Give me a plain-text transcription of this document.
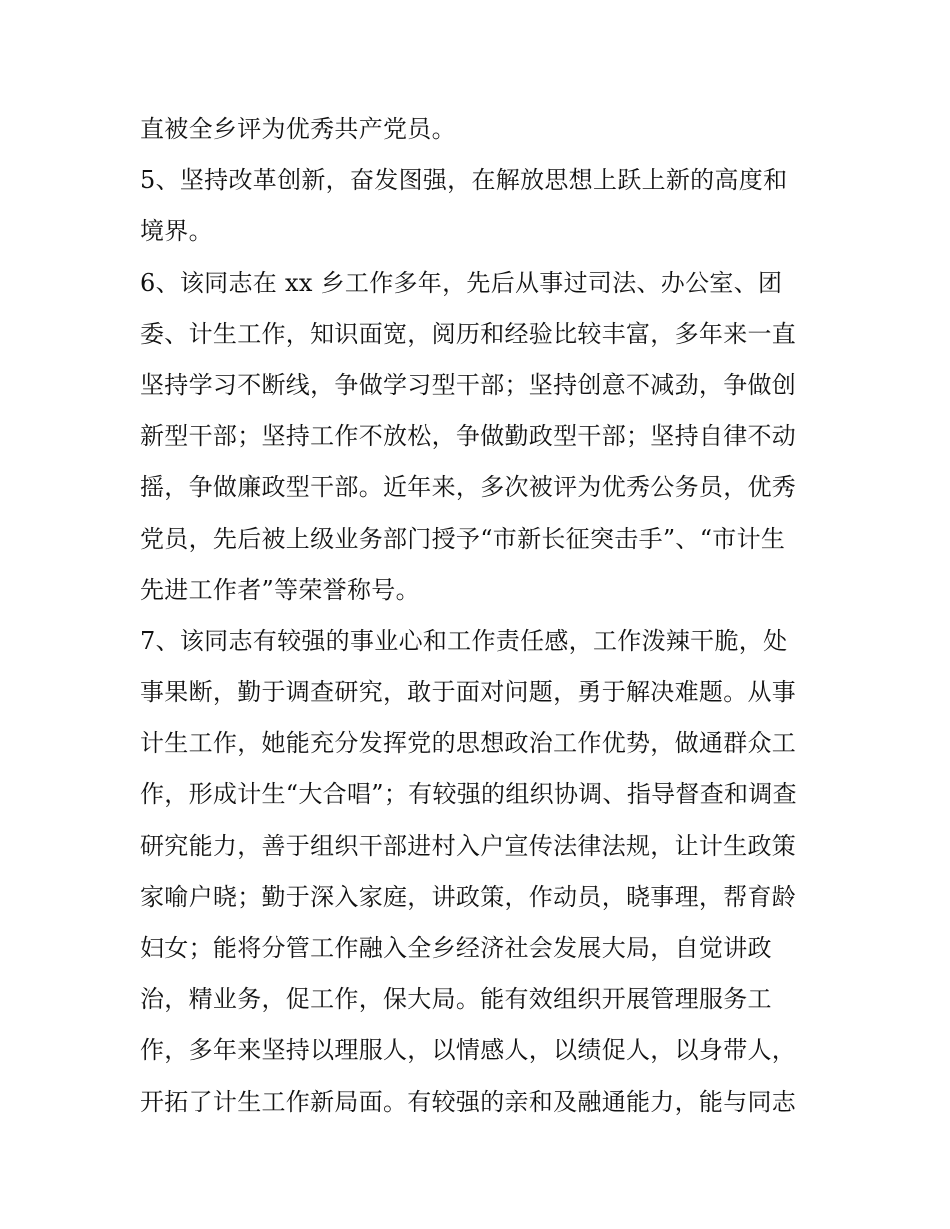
直被全乡评为优秀共产党员。
5、坚持改革创新，奋发图强，在解放思想上跃上新的高度和
境界。
6、该同志在 xx 乡工作多年，先后从事过司法、办公室、团
委、计生工作，知识面宽，阅历和经验比较丰富，多年来一直
坚持学习不断线，争做学习型干部；坚持创意不减劲，争做创
新型干部；坚持工作不放松，争做勤政型干部；坚持自律不动
摇，争做廉政型干部。近年来，多次被评为优秀公务员，优秀
党员，先后被上级业务部门授予“市新长征突击手”、“市计生
先进工作者”等荣誉称号。
7、该同志有较强的事业心和工作责任感，工作泼辣干脆，处
事果断，勤于调查研究，敢于面对问题，勇于解决难题。从事
计生工作，她能充分发挥党的思想政治工作优势，做通群众工
作，形成计生“大合唱”；有较强的组织协调、指导督查和调查
研究能力，善于组织干部进村入户宣传法律法规，让计生政策
家喻户晓；勤于深入家庭，讲政策，作动员，晓事理，帮育龄
妇女；能将分管工作融入全乡经济社会发展大局，自觉讲政
治，精业务，促工作，保大局。能有效组织开展管理服务工
作，多年来坚持以理服人，以情感人，以绩促人，以身带人，
开拓了计生工作新局面。有较强的亲和及融通能力，能与同志
